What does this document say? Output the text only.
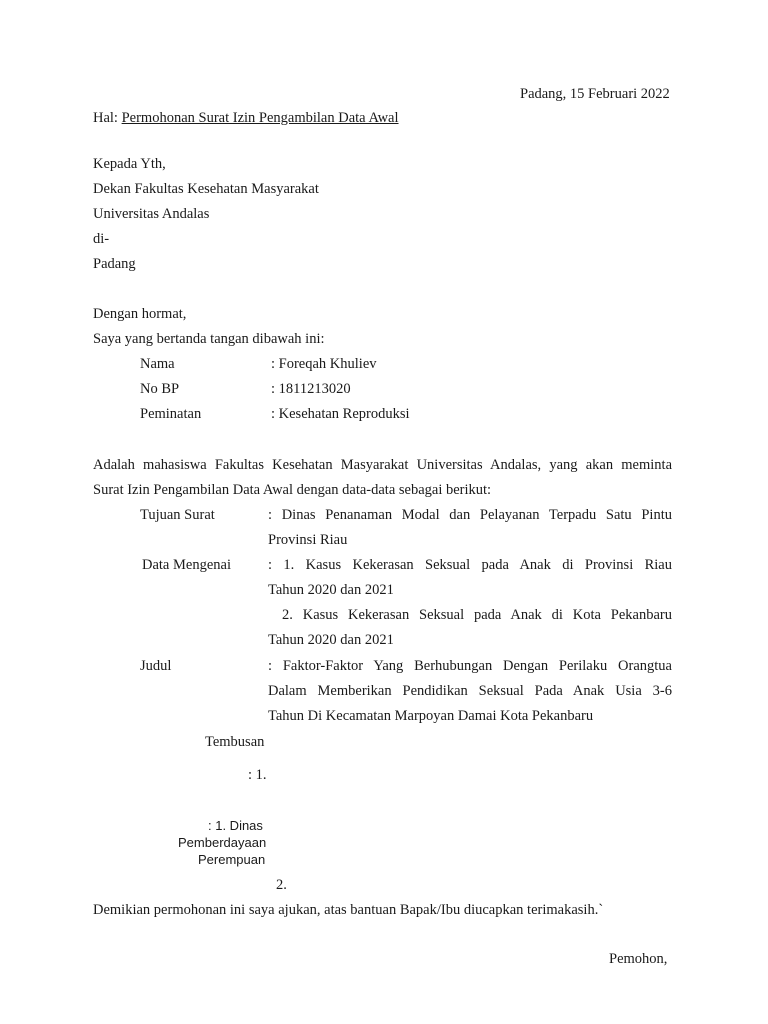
Padang, 15 Februari 2022
Hal: Permohonan Surat Izin Pengambilan Data Awal
Kepada Yth,
Dekan Fakultas Kesehatan Masyarakat
Universitas Andalas
di-
Padang
Dengan hormat,
Saya yang bertanda tangan dibawah ini:
Nama	: Foreqah Khuliev
No BP	: 1811213020
Peminatan	: Kesehatan Reproduksi
Adalah mahasiswa Fakultas Kesehatan Masyarakat Universitas Andalas, yang akan meminta
Surat Izin Pengambilan Data Awal dengan data-data sebagai berikut:
Tujuan Surat	: Dinas Penanaman Modal dan Pelayanan Terpadu Satu Pintu
Provinsi Riau
Data Mengenai	: 1. Kasus Kekerasan Seksual pada Anak di Provinsi Riau
Tahun 2020 dan 2021
2. Kasus Kekerasan Seksual pada Anak di Kota Pekanbaru
Tahun 2020 dan 2021
Judul	: Faktor-Faktor Yang Berhubungan Dengan Perilaku Orangtua
Dalam Memberikan Pendidikan Seksual Pada Anak Usia 3-6
Tahun Di Kecamatan Marpoyan Damai Kota Pekanbaru
Tembusan
: 1.
: 1. Dinas
Pemberdayaan
Perempuan
2.
Demikian permohonan ini saya ajukan, atas bantuan Bapak/Ibu diucapkan terimakasih.`
Pemohon,
